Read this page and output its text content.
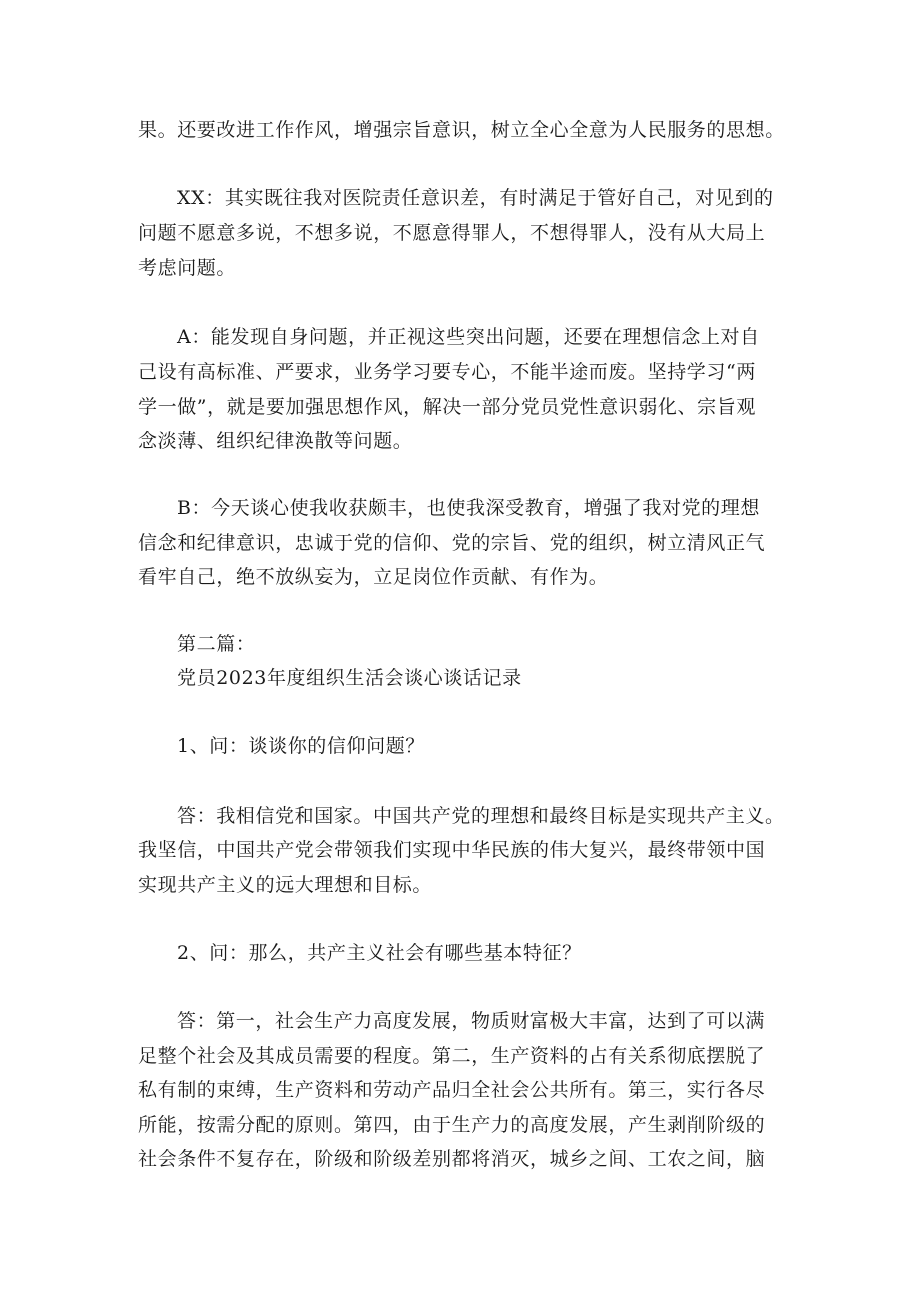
果。还要改进工作作风，增强宗旨意识，树立全心全意为人民服务的思想。
XX：其实既往我对医院责任意识差，有时满足于管好自己，对见到的
问题不愿意多说，不想多说，不愿意得罪人，不想得罪人，没有从大局上
考虑问题。
A：能发现自身问题，并正视这些突出问题，还要在理想信念上对自
己设有高标准、严要求，业务学习要专心，不能半途而废。坚持学习“两
学一做”，就是要加强思想作风，解决一部分党员党性意识弱化、宗旨观
念淡薄、组织纪律涣散等问题。
B：今天谈心使我收获颇丰，也使我深受教育，增强了我对党的理想
信念和纪律意识，忠诚于党的信仰、党的宗旨、党的组织，树立清风正气
看牢自己，绝不放纵妄为，立足岗位作贡献、有作为。
第二篇：
党员2023年度组织生活会谈心谈话记录
1、问：谈谈你的信仰问题？
答：我相信党和国家。中国共产党的理想和最终目标是实现共产主义。
我坚信，中国共产党会带领我们实现中华民族的伟大复兴，最终带领中国
实现共产主义的远大理想和目标。
2、问：那么，共产主义社会有哪些基本特征？
答：第一，社会生产力高度发展，物质财富极大丰富，达到了可以满
足整个社会及其成员需要的程度。第二，生产资料的占有关系彻底摆脱了
私有制的束缚，生产资料和劳动产品归全社会公共所有。第三，实行各尽
所能，按需分配的原则。第四，由于生产力的高度发展，产生剥削阶级的
社会条件不复存在，阶级和阶级差别都将消灭，城乡之间、工农之间，脑
